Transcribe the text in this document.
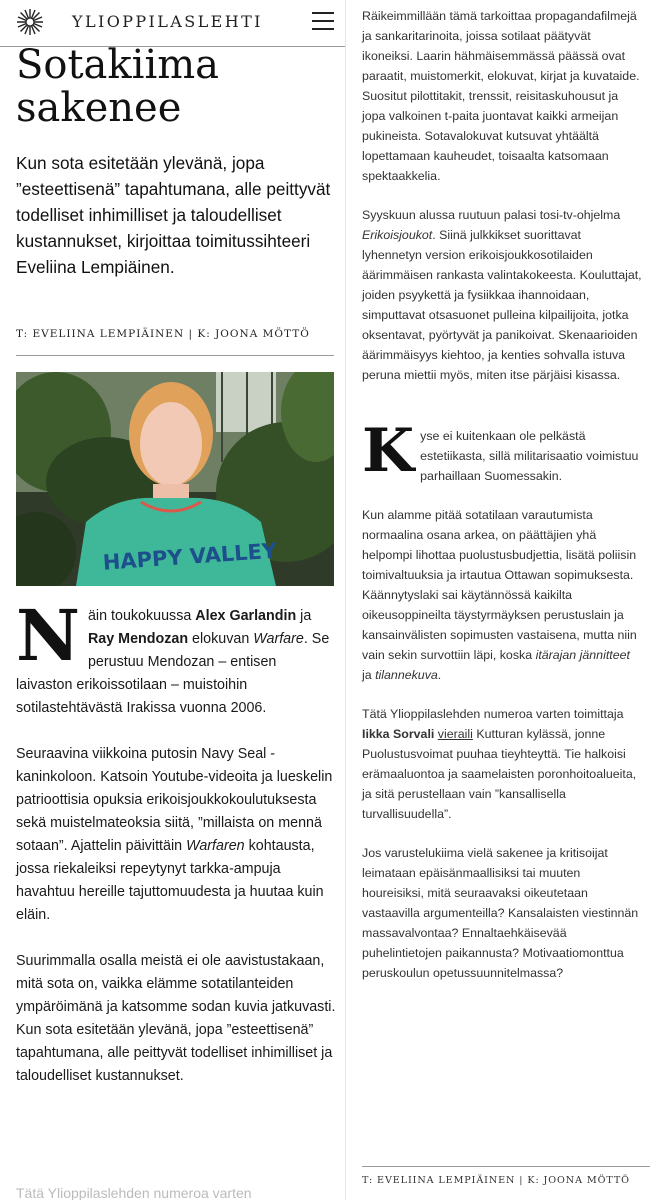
YLIOPPILASLEHTI
Sotakiima sakenee

Kun sota esitetään ylevänä, jopa ”esteettisenä” tapahtumana, alle peittyvät todelliset inhimilliset ja taloudelliset kustannukset, kirjoittaa toimitussihteeri Eveliina Lempiäinen.

T: EVELIINA LEMPIÄINEN | K: JOONA MÖTTÖ
HAPPY VALLEY

Näin toukokuussa Alex Garlandin ja Ray Mendozan elokuvan Warfare. Se perustuu Mendozan – entisen laivaston erikoissotilaan – muistoihin sotilastehtävästä Irakissa vuonna 2006.

Seuraavina viikkoina putosin Navy Seal -kaninkoloon. Katsoin Youtube-videoita ja lueskelin patrioottisia opuksia erikoisjoukkokoulutuksesta sekä muistelmateoksia siitä, ”millaista on mennä sotaan”. Ajattelin päivittäin Warfaren kohtausta, jossa riekaleiksi repeytynyt tarkka-ampuja havahtuu hereille tajuttomuudesta ja huutaa kuin eläin.

Suurimmalla osalla meistä ei ole aavistustakaan, mitä sota on, vaikka elämme sotatilanteiden ympäröimänä ja katsomme sodan kuvia jatkuvasti. Kun sota esitetään ylevänä, jopa ”esteettisenä” tapahtumana, alle peittyvät todelliset inhimilliset ja taloudelliset kustannukset.

Tätä Ylioppilaslehden numeroa varten

Räikeimmillään tämä tarkoittaa propagandafilmejä ja sankaritarinoita, joissa sotilaat päätyvät ikoneiksi. Laarin hähmäisemmässä päässä ovat paraatit, muistomerkit, elokuvat, kirjat ja kuvataide. Suositut pilottitakit, trenssit, reisitaskuhousut ja jopa valkoinen t-paita juontavat kaikki armeijan pukineista. Sotavalokuvat kutsuvat yhtäältä lopettamaan kauheudet, toisaalta katsomaan spektaakkelia.

Syyskuun alussa ruutuun palasi tosi-tv-ohjelma Erikoisjoukot. Siinä julkkikset suorittavat lyhennetyn version erikoisjoukkosotilaiden äärimmäisen rankasta valintakokeesta. Kouluttajat, joiden psyykettä ja fysiikkaa ihannoidaan, simputtavat otsasuonet pulleina kilpailijoita, jotka oksentavat, pyörtyvät ja panikoivat. Skenaarioiden äärimmäisyys kiehtoo, ja kenties sohvalla istuva peruna miettii myös, miten itse pärjäisi kisassa.

Kyse ei kuitenkaan ole pelkästä estetiikasta, sillä militarisaatio voimistuu parhaillaan Suomessakin.

Kun alamme pitää sotatilaan varautumista normaalina osana arkea, on päättäjien yhä helpompi lihottaa puolustusbudjettia, lisätä poliisin toimivaltuuksia ja irtautua Ottawan sopimuksesta. Käännytyslaki sai käytännössä kaikilta oikeusoppineilta täystyrmäyksen perustuslain ja kansainvälisten sopimusten vastaisena, mutta niin vain sekin survottiin läpi, koska itärajan jännitteet ja tilannekuva.

Tätä Ylioppilaslehden numeroa varten toimittaja Iikka Sorvali vieraili Kutturan kylässä, jonne Puolustusvoimat puuhaa tieyhteyttä. Tie halkoisi erämaaluontoa ja saamelaisten poronhoitoalueita, ja sitä perustellaan vain ”kansallisella turvallisuudella”.

Jos varustelukiima vielä sakenee ja kritisoijat leimataan epäisänmaallisiksi tai muuten houreisiksi, mitä seuraavaksi oikeutetaan vastaavilla argumenteilla? Kansalaisten viestinnän massavalvontaa? Ennaltaehkäisevää puhelintietojen paikannusta? Motivaatiomonttua peruskoulun opetussuunnitelmassa?

T: EVELIINA LEMPIÄINEN | K: JOONA MÖTTÖ
